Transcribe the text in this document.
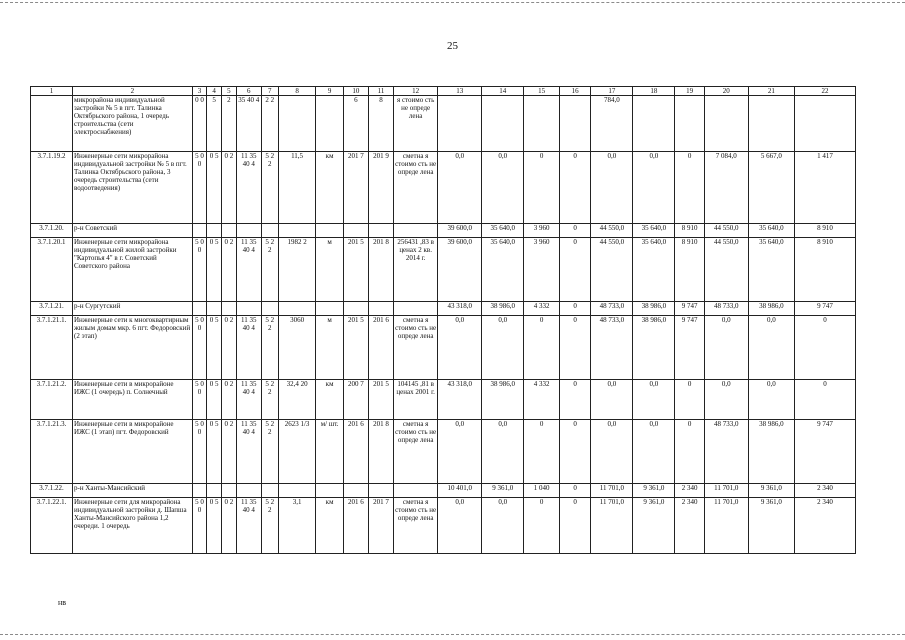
25
1	2	3	4	5	6	7	8	9	10	11	12	13	14	15	16	17	18	19	20	21	22
	микрорайона индивидуальной застройки № 5 в пгт. Талинка Октябрьского района, 1 очередь строительства (сети электроснабжения)	0 0	5	2	35 40 4	2 2			6	8	я стоимо сть не опреде лена					784,0					
3.7.1.19.2	Инженерные сети микрорайона индивидуальной застройки № 5 в пгт. Талинка Октябрьского района, 3 очередь строительства (сети водоотведения)	5 0 0	0 5	0 2	11 35 40 4	5 2 2	11,5	км	201 7	201 9	сметна я стоимо сть не опреде лена	0,0	0,0	0	0	0,0	0,0	0	7 084,0	5 667,0	1 417
3.7.1.20.	р-н Советский											39 600,0	35 640,0	3 960	0	44 550,0	35 640,0	8 910	44 550,0	35 640,0	8 910
3.7.1.20.1	Инженерные сети микрорайона индивидуальной жилой застройки "Картопья 4" в г. Советский Советского района	5 0 0	0 5	0 2	11 35 40 4	5 2 2	1982 2	м	201 5	201 8	256431 ,83 в ценах 2 кв. 2014 г.	39 600,0	35 640,0	3 960	0	44 550,0	35 640,0	8 910	44 550,0	35 640,0	8 910
3.7.1.21.	р-н Сургутский											43 318,0	38 986,0	4 332	0	48 733,0	38 986,0	9 747	48 733,0	38 986,0	9 747
3.7.1.21.1.	Инженерные сети к многоквартирным жилым домам мкр. 6 пгт. Федоровский (2 этап)	5 0 0	0 5	0 2	11 35 40 4	5 2 2	3060	м	201 5	201 6	сметна я стоимо сть не опреде лена	0,0	0,0	0	0	48 733,0	38 986,0	9 747	0,0	0,0	0
3.7.1.21.2.	Инженерные сети в микрорайоне ИЖС (1 очередь) п. Солнечный	5 0 0	0 5	0 2	11 35 40 4	5 2 2	32,4 20	км	200 7	201 5	104145 ,81 в ценах 2001 г.	43 318,0	38 986,0	4 332	0	0,0	0,0	0	0,0	0,0	0
3.7.1.21.3.	Инженерные сети в микрорайоне ИЖС (1 этап) пгт. Федоровский	5 0 0	0 5	0 2	11 35 40 4	5 2 2	2623 1/3	м/ шт.	201 6	201 8	сметна я стоимо сть не опреде лена	0,0	0,0	0	0	0,0	0,0	0	48 733,0	38 986,0	9 747
3.7.1.22.	р-н Ханты-Мансийский											10 401,0	9 361,0	1 040	0	11 701,0	9 361,0	2 340	11 701,0	9 361,0	2 340
3.7.1.22.1.	Инженерные сети для микрорайона индивидуальной застройки д. Шапша Ханты-Мансийского района 1,2 очереди. 1 очередь	5 0 0	0 5	0 2	11 35 40 4	5 2 2	3,1	км	201 6	201 7	сметна я стоимо сть не опреде лена	0,0	0,0	0	0	11 701,0	9 361,0	2 340	11 701,0	9 361,0	2 340
нв
